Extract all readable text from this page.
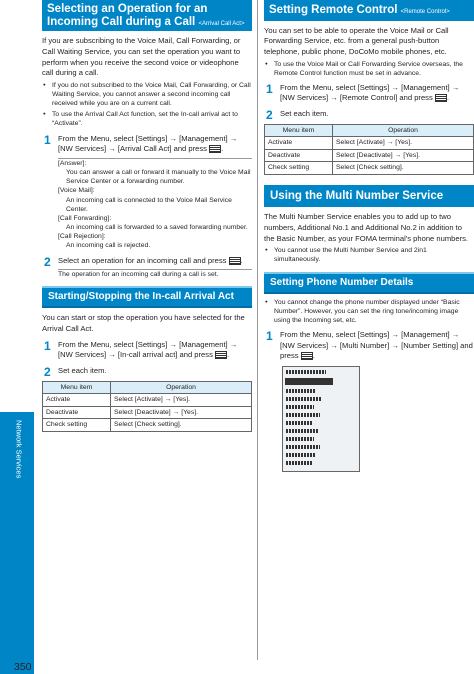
Network Services
350
Selecting an Operation for an
Incoming Call during a Call <Arrival Call Act>

If you are subscribing to the Voice Mail, Call Forwarding, or Call Waiting Service, you can set the operation you want to perform when you receive the second voice or videophone call during a call.

● If you do not subscribed to the Voice Mail, Call Forwarding, or Call Waiting Service, you cannot answer a second incoming call received while you are on a current call.
● To use the Arrival Call Act function, set the In-call arrival act to “Activate”.
1 From the Menu, select [Settings] → [Management] → [NW Services] → [Arrival Call Act] and press .
[Answer]:
You can answer a call or forward it manually to the Voice Mail Service Center or a forwarding number.
[Voice Mail]:
An incoming call is connected to the Voice Mail Service Center.
[Call Forwarding]:
An incoming call is forwarded to a saved forwarding number.
[Call Rejection]:
An incoming call is rejected.
2 Select an operation for an incoming call and press .
The operation for an incoming call during a call is set.
Starting/Stopping the In-call Arrival Act

You can start or stop the operation you have selected for the Arrival Call Act.

1 From the Menu, select [Settings] → [Management] → [NW Services] → [In-call arrival act] and press .
2 Set each item.
Menu item	Operation
Activate	Select [Activate] → [Yes].
Deactivate	Select [Deactivate] → [Yes].
Check setting	Select [Check setting].
Setting Remote Control <Remote Control>

You can set to be able to operate the Voice Mail or Call Forwarding Service, etc. from a general push-button telephone, public phone, DoCoMo mobile phones, etc.

● To use the Voice Mail or Call Forwarding Service overseas, the Remote Control function must be set in advance.
1 From the Menu, select [Settings] → [Management] → [NW Services] → [Remote Control] and press .
2 Set each item.
Menu item	Operation
Activate	Select [Activate] → [Yes].
Deactivate	Select [Deactivate] → [Yes].
Check setting	Select [Check setting].
Using the Multi Number Service

The Multi Number Service enables you to add up to two numbers, Additional No.1 and Additional No.2 in addition to the Basic Number, as your FOMA terminal's phone numbers.

● You cannot use the Multi Number Service and 2in1 simultaneously.
Setting Phone Number Details
● You cannot change the phone number displayed under “Basic Number”. However, you can set the ring tone/incoming image using the Incoming set, etc.
1 From the Menu, select [Settings] → [Management] → [NW Services] → [Multi Number] → [Number Setting] and press .
